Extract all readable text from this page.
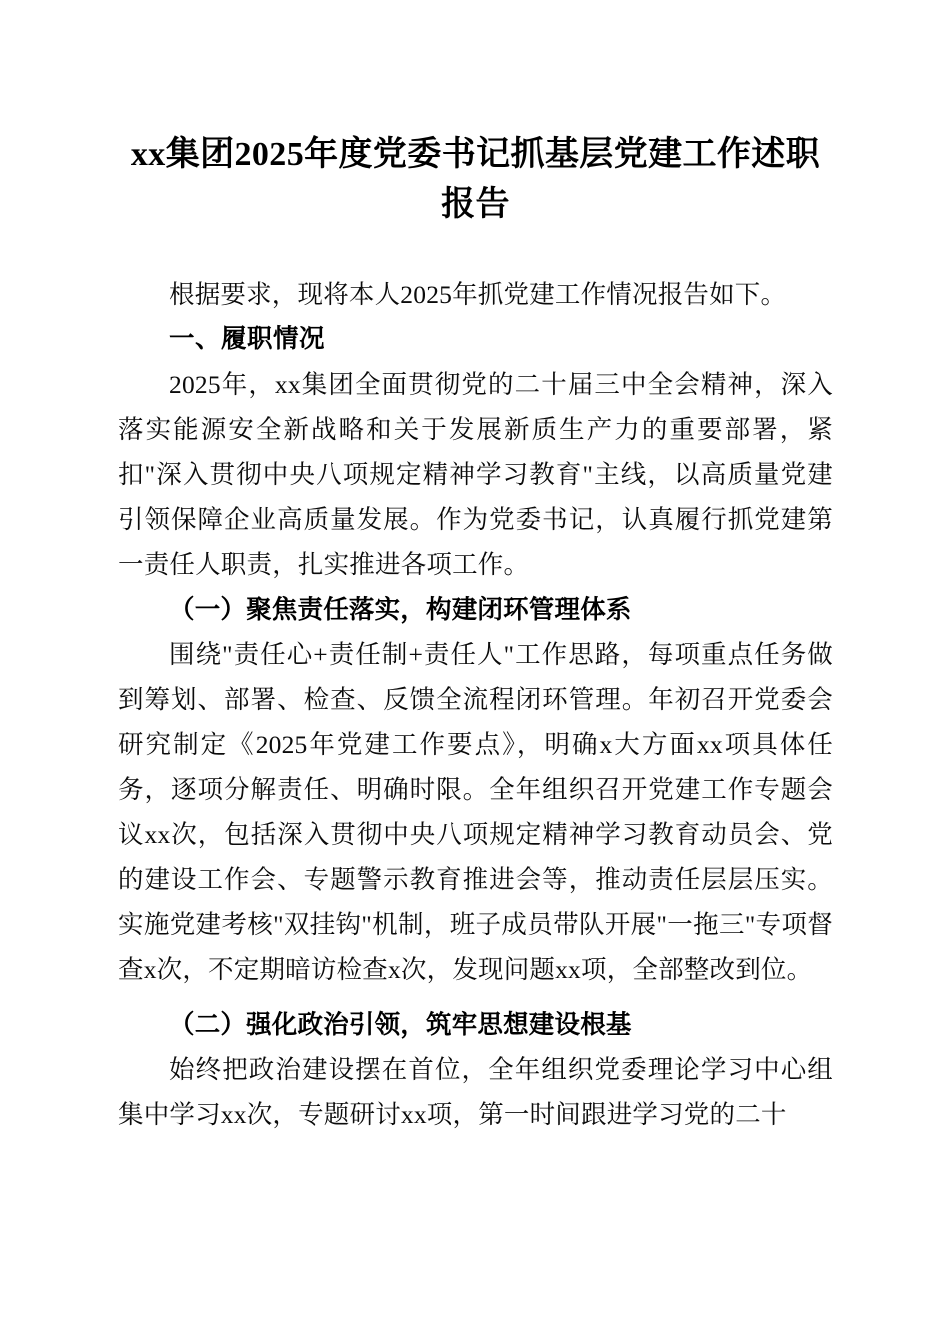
xx集团2025年度党委书记抓基层党建工作述职报告

根据要求，现将本人2025年抓党建工作情况报告如下。

一、履职情况

2025年，xx集团全面贯彻党的二十届三中全会精神，深入落实能源安全新战略和关于发展新质生产力的重要部署，紧扣"深入贯彻中央八项规定精神学习教育"主线，以高质量党建引领保障企业高质量发展。作为党委书记，认真履行抓党建第一责任人职责，扎实推进各项工作。

（一）聚焦责任落实，构建闭环管理体系

围绕"责任心+责任制+责任人"工作思路，每项重点任务做到筹划、部署、检查、反馈全流程闭环管理。年初召开党委会研究制定《2025年党建工作要点》，明确x大方面xx项具体任务，逐项分解责任、明确时限。全年组织召开党建工作专题会议xx次，包括深入贯彻中央八项规定精神学习教育动员会、党的建设工作会、专题警示教育推进会等，推动责任层层压实。实施党建考核"双挂钩"机制，班子成员带队开展"一拖三"专项督查x次，不定期暗访检查x次，发现问题xx项，全部整改到位。

（二）强化政治引领，筑牢思想建设根基

始终把政治建设摆在首位，全年组织党委理论学习中心组集中学习xx次，专题研讨xx项，第一时间跟进学习党的二十
